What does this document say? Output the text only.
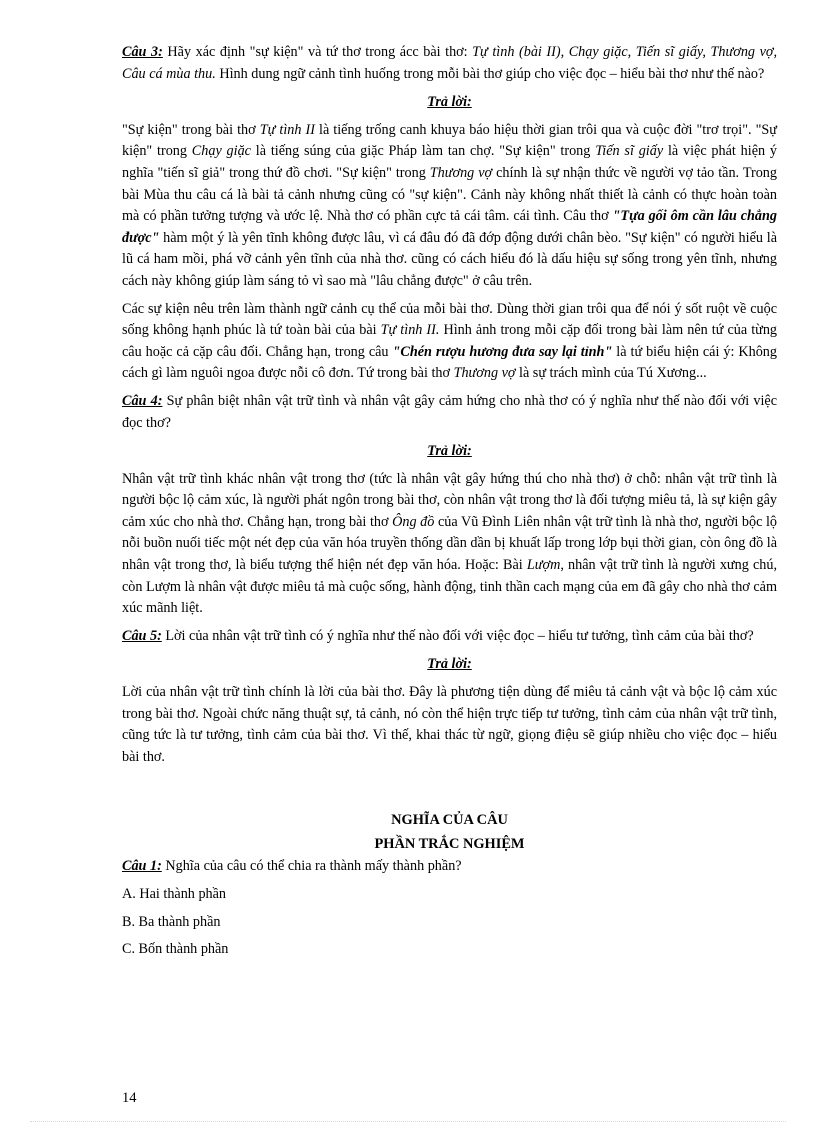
Câu 3: Hãy xác định "sự kiện" và tứ thơ trong ácc bài thơ: Tự tình (bài II), Chạy giặc, Tiến sĩ giấy, Thương vợ, Câu cá mùa thu. Hình dung ngữ cảnh tình huống trong mỗi bài thơ giúp cho việc đọc – hiểu bài thơ như thế nào?

Trả lời:

"Sự kiện" trong bài thơ Tự tình II là tiếng trống canh khuya báo hiệu thời gian trôi qua và cuộc đời "trơ trọi". "Sự kiện" trong Chạy giặc là tiếng súng của giặc Pháp làm tan chợ. "Sự kiện" trong Tiến sĩ giấy là việc phát hiện ý nghĩa "tiến sĩ giả" trong thứ đồ chơi. "Sự kiện" trong Thương vợ chính là sự nhận thức về người vợ tảo tần. Trong bài Mùa thu câu cá là bài tả cảnh nhưng cũng có "sự kiện". Cảnh này không nhất thiết là cảnh có thực hoàn toàn mà có phần tưởng tượng và ước lệ. Nhà thơ có phần cực tả cái tâm. cái tình. Câu thơ "Tựa gối ôm cần lâu chẳng được" hàm một ý là yên tĩnh không được lâu, vì cá đâu đó đã đớp động dưới chân bèo. "Sự kiện" có người hiểu là lũ cá ham mồi, phá vỡ cảnh yên tĩnh của nhà thơ. cũng có cách hiểu đó là dấu hiệu sự sống trong yên tĩnh, nhưng cách này không giúp làm sáng tỏ vì sao mà "lâu chẳng được" ở câu trên.

Các sự kiện nêu trên làm thành ngữ cảnh cụ thể của mỗi bài thơ. Dùng thời gian trôi qua để nói ý sốt ruột về cuộc sống không hạnh phúc là tứ toàn bài của bài Tự tình II. Hình ảnh trong mỗi cặp đối trong bài làm nên tứ của từng câu hoặc cả cặp câu đối. Chẳng hạn, trong câu "Chén rượu hương đưa say lại tỉnh" là tứ biểu hiện cái ý: Không cách gì làm nguôi ngoa được nỗi cô đơn. Tứ trong bài thơ Thương vợ là sự trách mình của Tú Xương...

Câu 4: Sự phân biệt nhân vật trữ tình và nhân vật gây cảm hứng cho nhà thơ có ý nghĩa như thế nào đối với việc đọc thơ?

Trả lời:

Nhân vật trữ tình khác nhân vật trong thơ (tức là nhân vật gây hứng thú cho nhà thơ) ở chỗ: nhân vật trữ tình là người bộc lộ cảm xúc, là người phát ngôn trong bài thơ, còn nhân vật trong thơ là đối tượng miêu tả, là sự kiện gây cảm xúc cho nhà thơ. Chẳng hạn, trong bài thơ Ông đồ của Vũ Đình Liên nhân vật trữ tình là nhà thơ, người bộc lộ nỗi buồn nuối tiếc một nét đẹp của văn hóa truyền thống dần dần bị khuất lấp trong lớp bụi thời gian, còn ông đồ là nhân vật trong thơ, là biểu tượng thể hiện nét đẹp văn hóa. Hoặc: Bài Lượm, nhân vật trữ tình là người xưng chú, còn Lượm là nhân vật được miêu tả mà cuộc sống, hành động, tinh thần cach mạng của em đã gây cho nhà thơ cảm xúc mãnh liệt.

Câu 5: Lời của nhân vật trữ tình có ý nghĩa như thế nào đối với việc đọc – hiểu tư tưởng, tình cảm của bài thơ?

Trả lời:

Lời của nhân vật trữ tình chính là lời của bài thơ. Đây là phương tiện dùng để miêu tả cảnh vật và bộc lộ cảm xúc trong bài thơ. Ngoài chức năng thuật sự, tả cảnh, nó còn thể hiện trực tiếp tư tưởng, tình cảm của nhân vật trữ tình, cũng tức là tư tưởng, tình cảm của bài thơ. Vì thế, khai thác từ ngữ, giọng điệu sẽ giúp nhiều cho việc đọc – hiểu bài thơ.

NGHĨA CỦA CÂU
PHẦN TRẮC NGHIỆM

Câu 1: Nghĩa của câu có thể chia ra thành mấy thành phần?

A. Hai thành phần

B. Ba thành phần

C. Bốn thành phần

14
